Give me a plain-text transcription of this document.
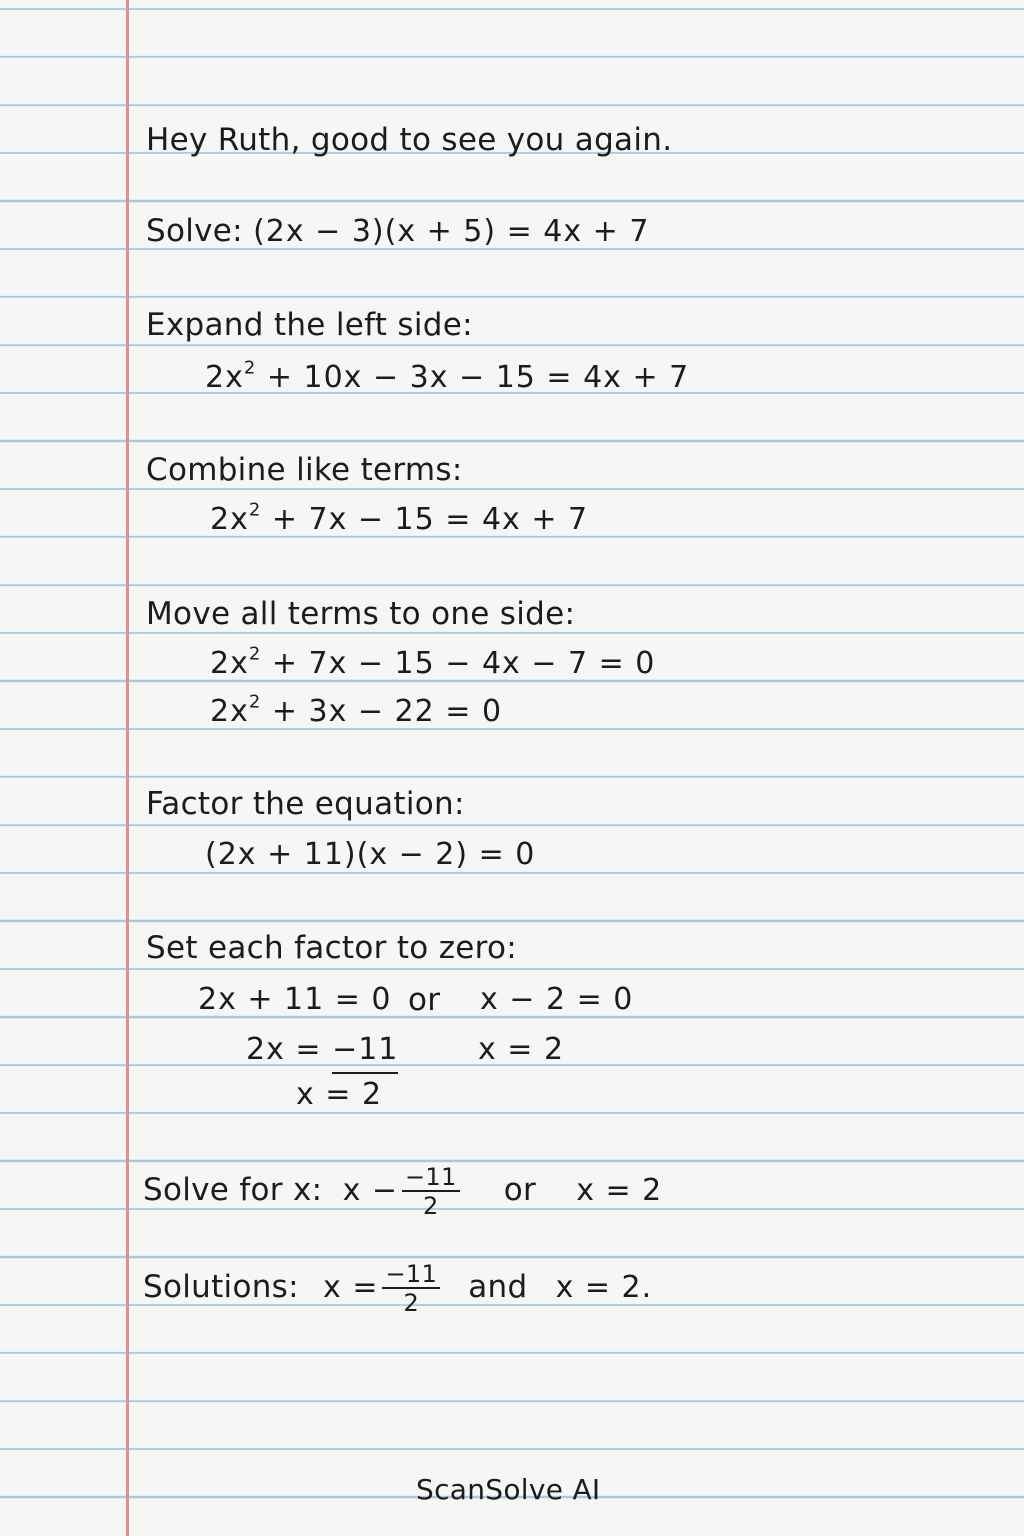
Hey Ruth, good to see you again.
Solve: (2x − 3)(x + 5) = 4x + 7
Expand the left side:
$2x^2 + 10x - 3x - 15 = 4x + 7$
Combine like terms:
$2x^2 + 7x - 15 = 4x + 7$
Move all terms to one side:
$2x^2 + 7x - 15 - 4x - 7 = 0$
$2x^2 + 3x - 22 = 0$
Factor the equation:
(2x + 11)(x − 2) = 0
Set each factor to zero:
2x + 11 = 0 or x − 2 = 0
2x = −11	x = 2
x = 2
Solve for x: $x - \frac{-11}{2}$ or x = 2
Solutions: $x = \frac{-11}{2}$ and x = 2.
ScanSolve AI
